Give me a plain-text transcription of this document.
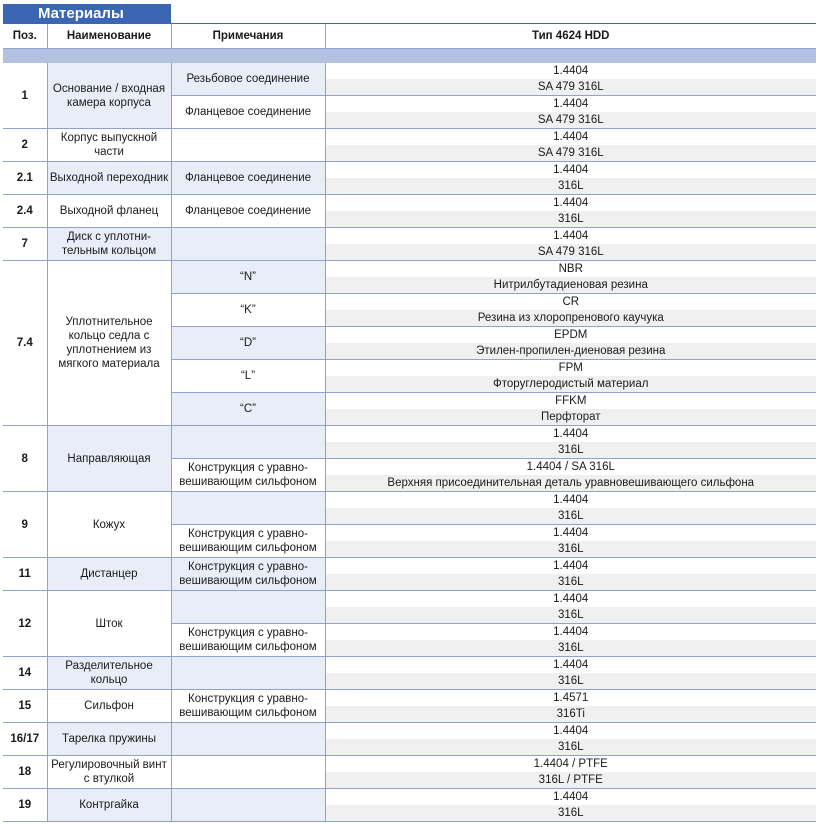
Материалы
Поз.	Наименование	Примечания	Тип 4624 HDD

1	Основание / входная камера корпуса	Резьбовое соединение	1.4404
			SA 479 316L
		Фланцевое соединение	1.4404
			SA 479 316L
2	Корпус выпускной части		1.4404
			SA 479 316L
2.1	Выходной переходник	Фланцевое соединение	1.4404
			316L
2.4	Выходной фланец	Фланцевое соединение	1.4404
			316L
7	Диск с уплотни-тельным кольцом		1.4404
			SA 479 316L
7.4	Уплотнительное кольцо седла с уплотнением из мягкого материала	“N”	NBR
			Нитрилбутадиеновая резина
		“K”	CR
			Резина из хлоропренового каучука
		“D”	EPDM
			Этилен-пропилен-диеновая резина
		“L”	FPM
			Фторуглеродистый материал
		“C”	FFKM
			Перфторат
8	Направляющая		1.4404
			316L
		Конструкция с уравно-вешивающим сильфоном	1.4404 / SA 316L
			Верхняя присоединительная деталь уравновешивающего сильфона
9	Кожух		1.4404
			316L
		Конструкция с уравно-вешивающим сильфоном	1.4404
			316L
11	Дистанцер	Конструкция с уравно-вешивающим сильфоном	1.4404
			316L
12	Шток		1.4404
			316L
		Конструкция с уравно-вешивающим сильфоном	1.4404
			316L
14	Разделительное кольцо		1.4404
			316L
15	Сильфон	Конструкция с уравно-вешивающим сильфоном	1.4571
			316Ti
16/17	Тарелка пружины		1.4404
			316L
18	Регулировочный винт с втулкой		1.4404 / PTFE
			316L / PTFE
19	Контргайка		1.4404
			316L
